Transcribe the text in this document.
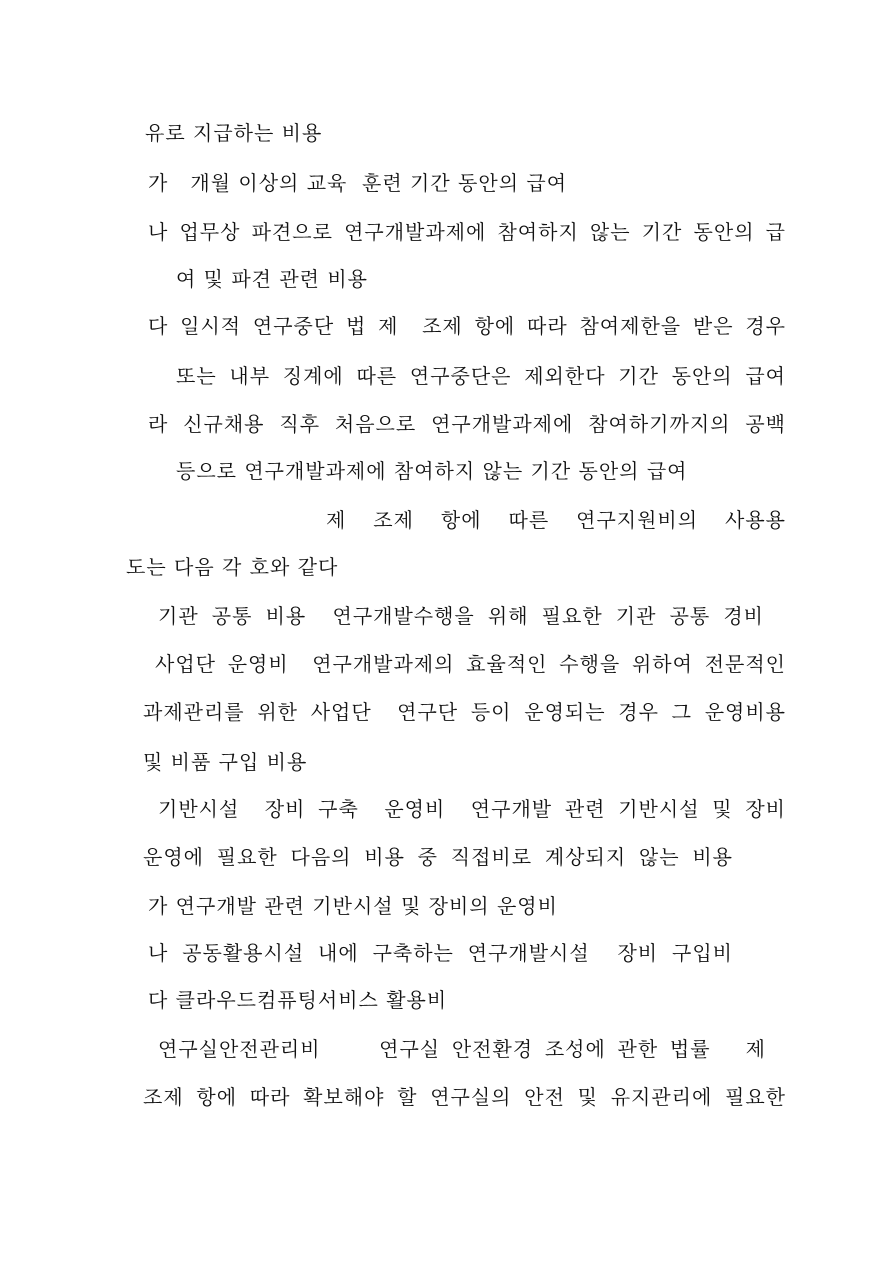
유로 지급하는 비용
가   개월 이상의 교육  훈련 기간 동안의 급여
나 업무상 파견으로 연구개발과제에 참여하지 않는 기간 동안의 급
여 및 파견 관련 비용
다 일시적 연구중단 법 제  조제 항에 따라 참여제한을 받은 경우
또는 내부 징계에 따른 연구중단은 제외한다 기간 동안의 급여
라 신규채용 직후 처음으로 연구개발과제에 참여하기까지의 공백
등으로 연구개발과제에 참여하지 않는 기간 동안의 급여
제 조제 항에 따른 연구지원비의 사용용
도는 다음 각 호와 같다
기관 공통 비용  연구개발수행을 위해 필요한 기관 공통 경비
사업단 운영비  연구개발과제의 효율적인 수행을 위하여 전문적인
과제관리를 위한 사업단  연구단 등이 운영되는 경우 그 운영비용
및 비품 구입 비용
기반시설  장비 구축  운영비  연구개발 관련 기반시설 및 장비
운영에 필요한 다음의 비용 중 직접비로 계상되지 않는 비용
가 연구개발 관련 기반시설 및 장비의 운영비
나 공동활용시설 내에 구축하는 연구개발시설  장비 구입비
다 클라우드컴퓨팅서비스 활용비
연구실안전관리비     연구실 안전환경 조성에 관한 법률   제
조제 항에 따라 확보해야 할 연구실의 안전 및 유지관리에 필요한
